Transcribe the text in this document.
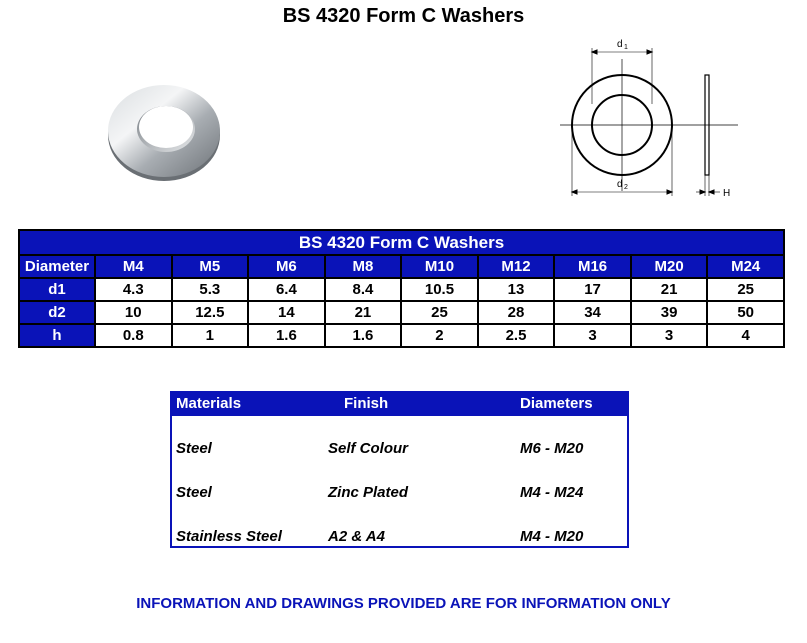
BS 4320 Form C Washers
d 1
d 2
H
BS 4320 Form C Washers									
Diameter	M4	M5	M6	M8	M10	M12	M16	M20	M24
d1	4.3	5.3	6.4	8.4	10.5	13	17	21	25
d2	10	12.5	14	21	25	28	34	39	50
h	0.8	1	1.6	1.6	2	2.5	3	3	4
Materials	Finish	Diameters
Steel	Self Colour	M6 - M20
Steel	Zinc Plated	M4 - M24
Stainless Steel	A2 & A4	M4 - M20
INFORMATION AND DRAWINGS PROVIDED ARE FOR INFORMATION ONLY
